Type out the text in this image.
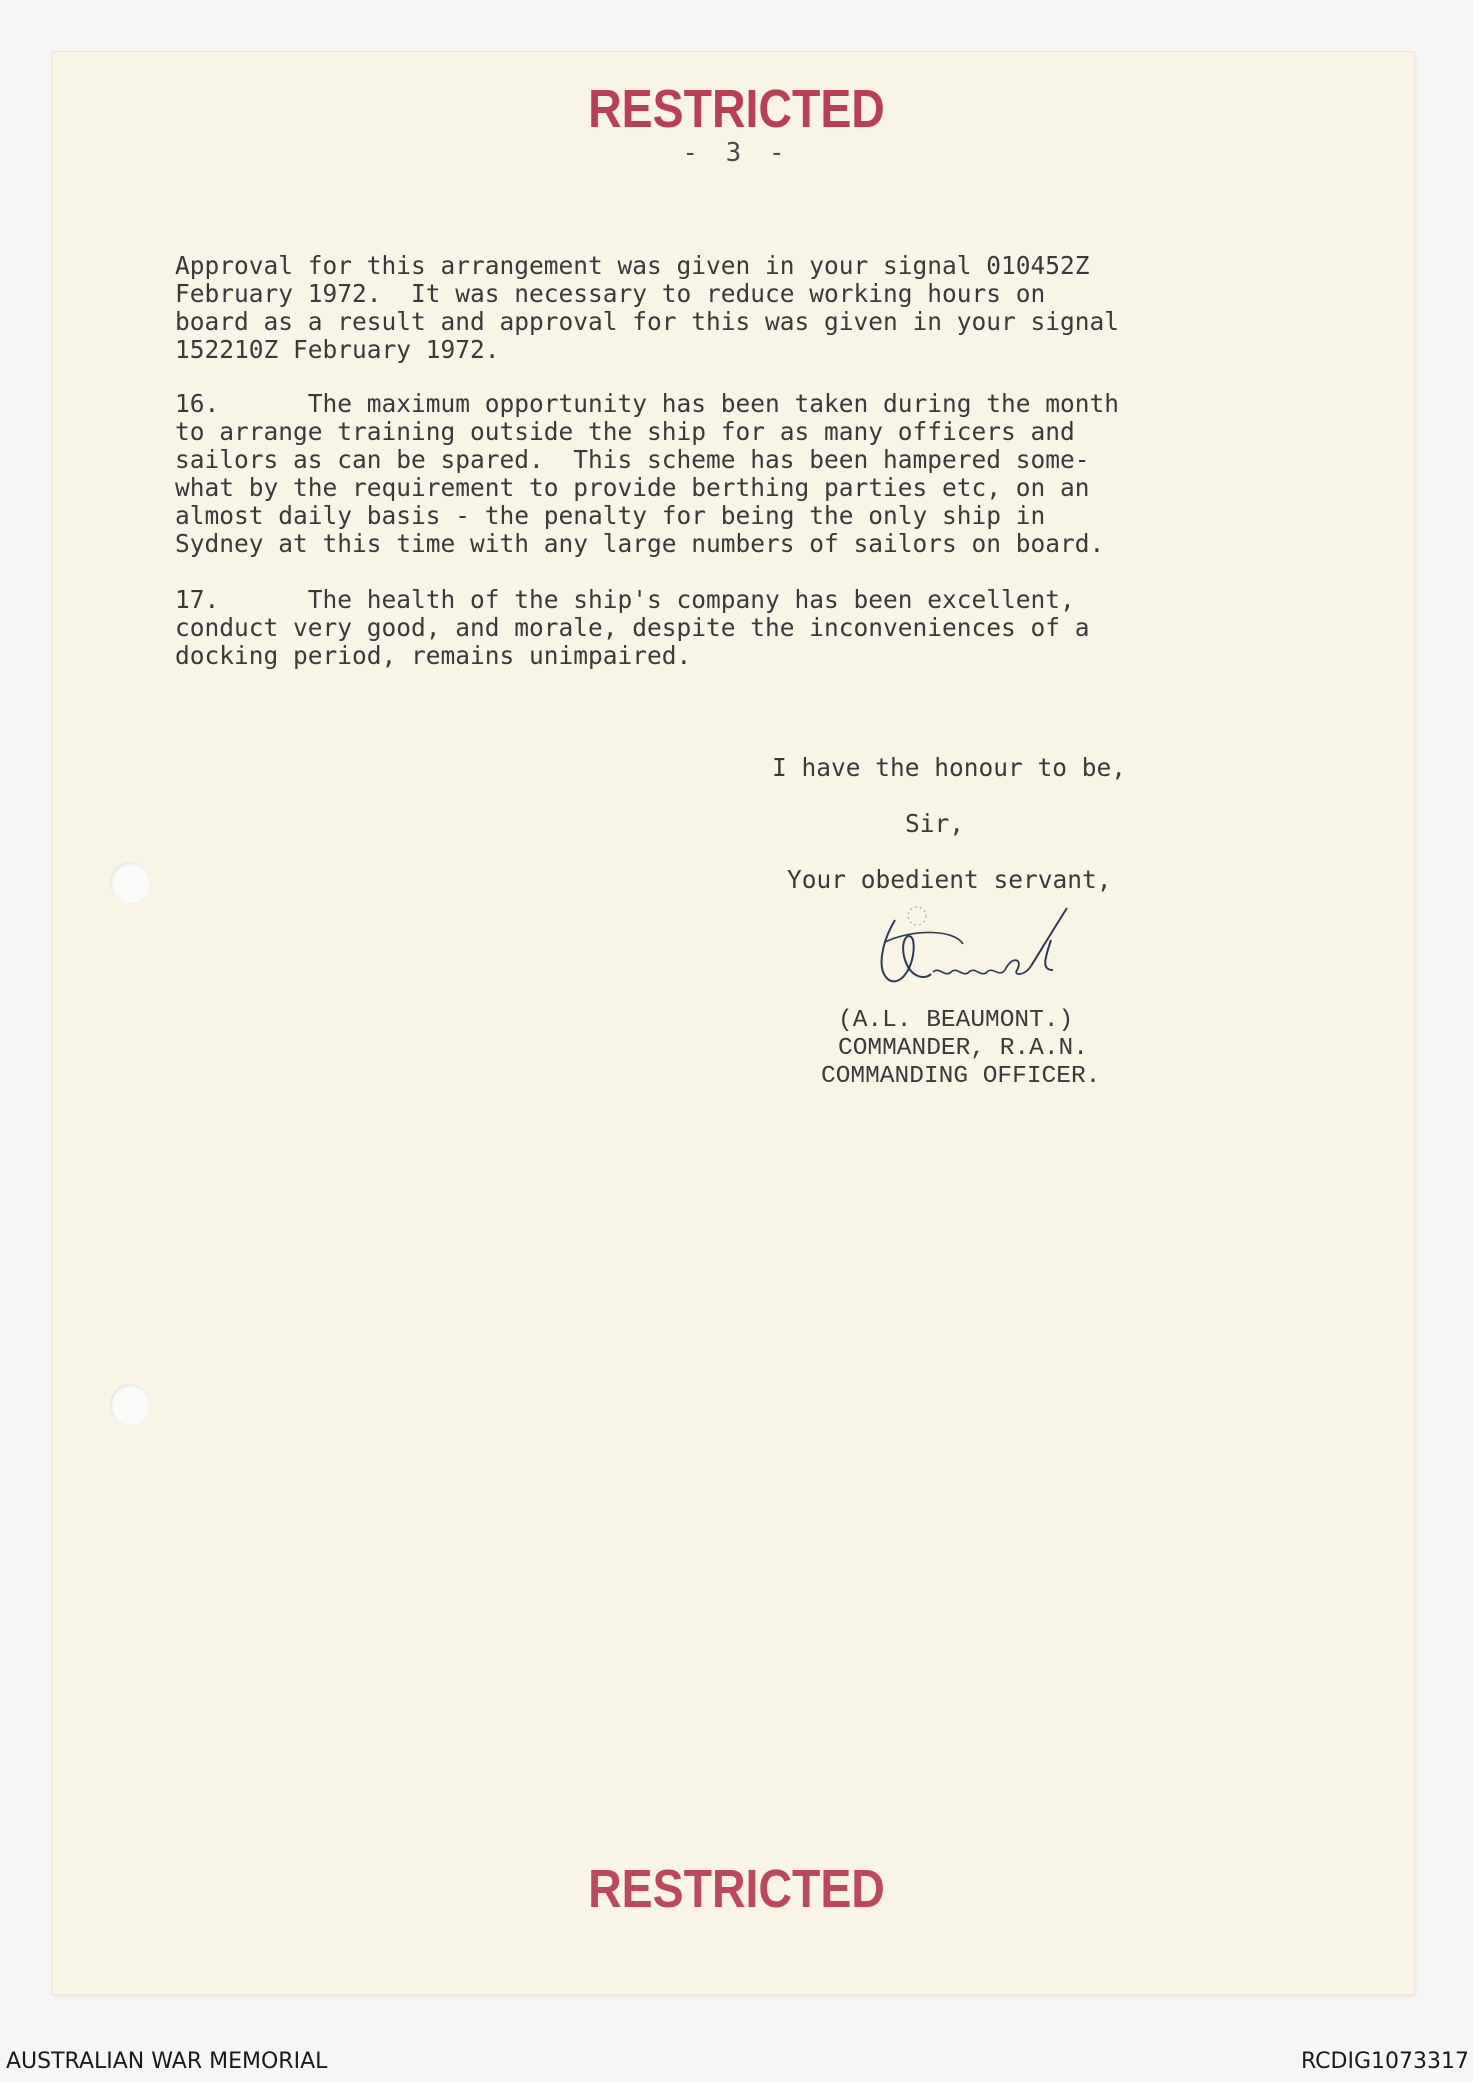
RESTRICTED
- 3 -
Approval for this arrangement was given in your signal 010452Z
February 1972.  It was necessary to reduce working hours on
board as a result and approval for this was given in your signal
152210Z February 1972.
16.      The maximum opportunity has been taken during the month
to arrange training outside the ship for as many officers and
sailors as can be spared.  This scheme has been hampered some-
what by the requirement to provide berthing parties etc, on an
almost daily basis - the penalty for being the only ship in
Sydney at this time with any large numbers of sailors on board.
17.      The health of the ship's company has been excellent,
conduct very good, and morale, despite the inconveniences of a
docking period, remains unimpaired.
I have the honour to be,
Sir,
Your obedient servant,
(A.L. BEAUMONT.)
COMMANDER, R.A.N.
COMMANDING OFFICER.
RESTRICTED
AUSTRALIAN WAR MEMORIAL	RCDIG1073317
